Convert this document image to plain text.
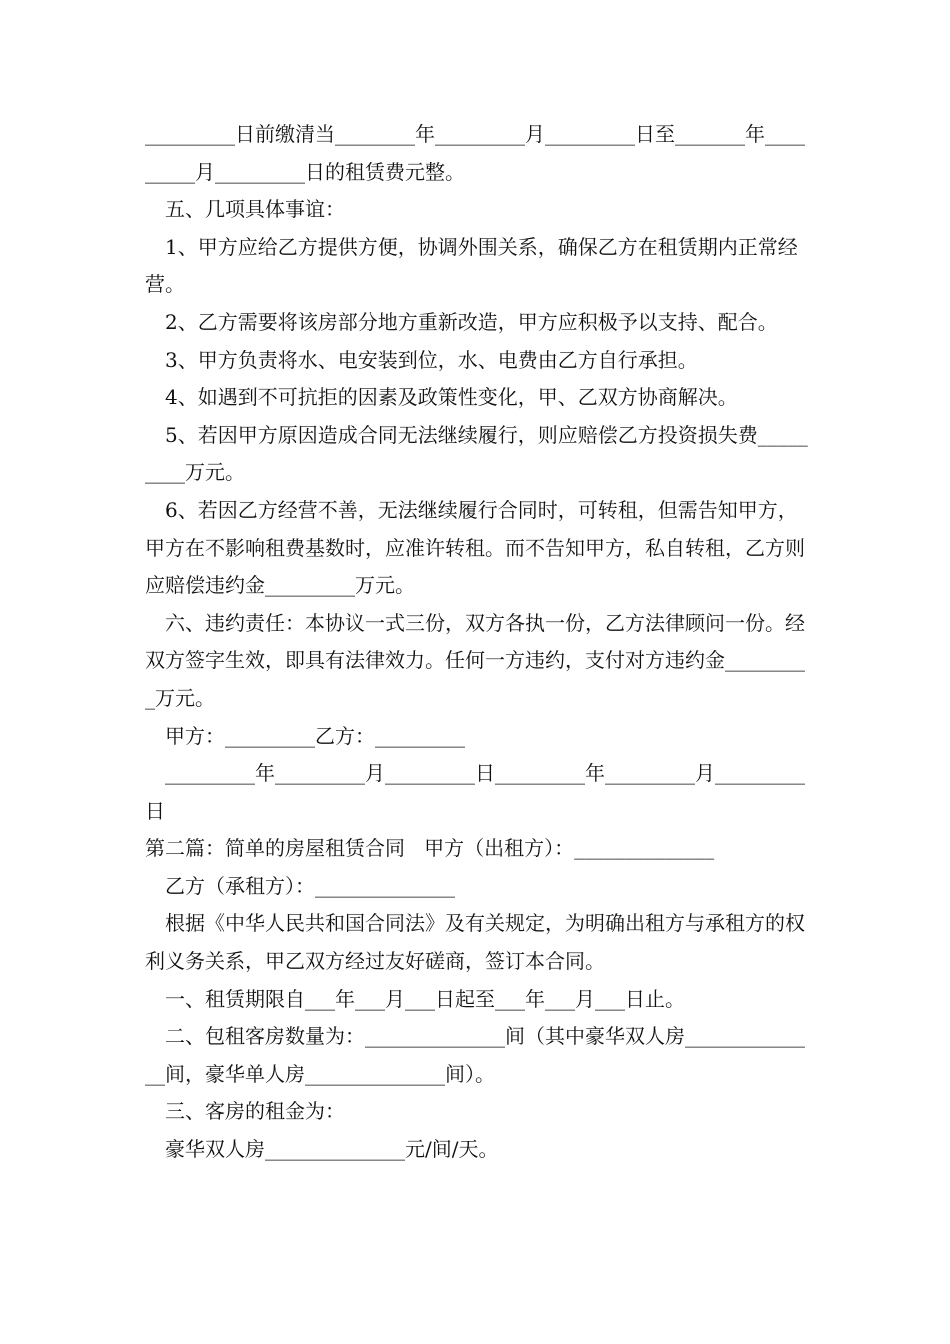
_________日前缴清当________年_________月_________日至_______年_________月_________日的租赁费元整。

五、几项具体事谊：

1、甲方应给乙方提供方便，协调外围关系，确保乙方在租赁期内正常经营。

2、乙方需要将该房部分地方重新改造，甲方应积极予以支持、配合。

3、甲方负责将水、电安装到位，水、电费由乙方自行承担。

4、如遇到不可抗拒的因素及政策性变化，甲、乙双方协商解决。

5、若因甲方原因造成合同无法继续履行，则应赔偿乙方投资损失费_________万元。

6、若因乙方经营不善，无法继续履行合同时，可转租，但需告知甲方，甲方在不影响租费基数时，应准许转租。而不告知甲方，私自转租，乙方则应赔偿违约金_________万元。

六、违约责任：本协议一式三份，双方各执一份，乙方法律顾问一份。经双方签字生效，即具有法律效力。任何一方违约，支付对方违约金_________万元。

甲方：_________乙方：_________

_________年_________月_________日_________年_________月_________日

第二篇：简单的房屋租赁合同   甲方（出租方）：______________

乙方（承租方）：______________

根据《中华人民共和国合同法》及有关规定，为明确出租方与承租方的权利义务关系，甲乙双方经过友好磋商，签订本合同。

一、租赁期限自___年___月___日起至___年___月___日止。

二、包租客房数量为：______________间（其中豪华双人房______________间，豪华单人房______________间）。

三、客房的租金为：

豪华双人房______________元/间/天。
